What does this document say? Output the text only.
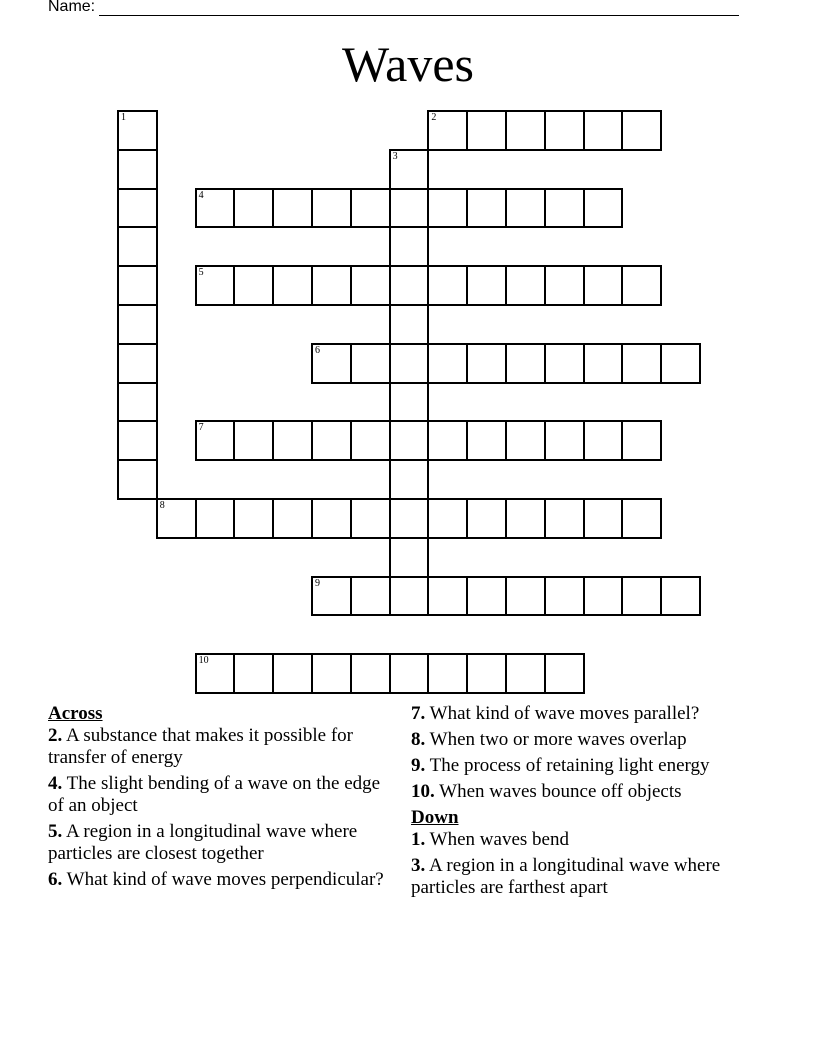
Name:
Waves
1	2
3
4
5
6
7
8
9
10

Across

2. A substance that makes it possible for transfer of energy

4. The slight bending of a wave on the edge of an object

5. A region in a longitudinal wave where particles are closest together

6. What kind of wave moves perpendicular?

7. What kind of wave moves parallel?

8. When two or more waves overlap

9. The process of retaining light energy

10. When waves bounce off objects

Down

1. When waves bend

3. A region in a longitudinal wave where particles are farthest apart
